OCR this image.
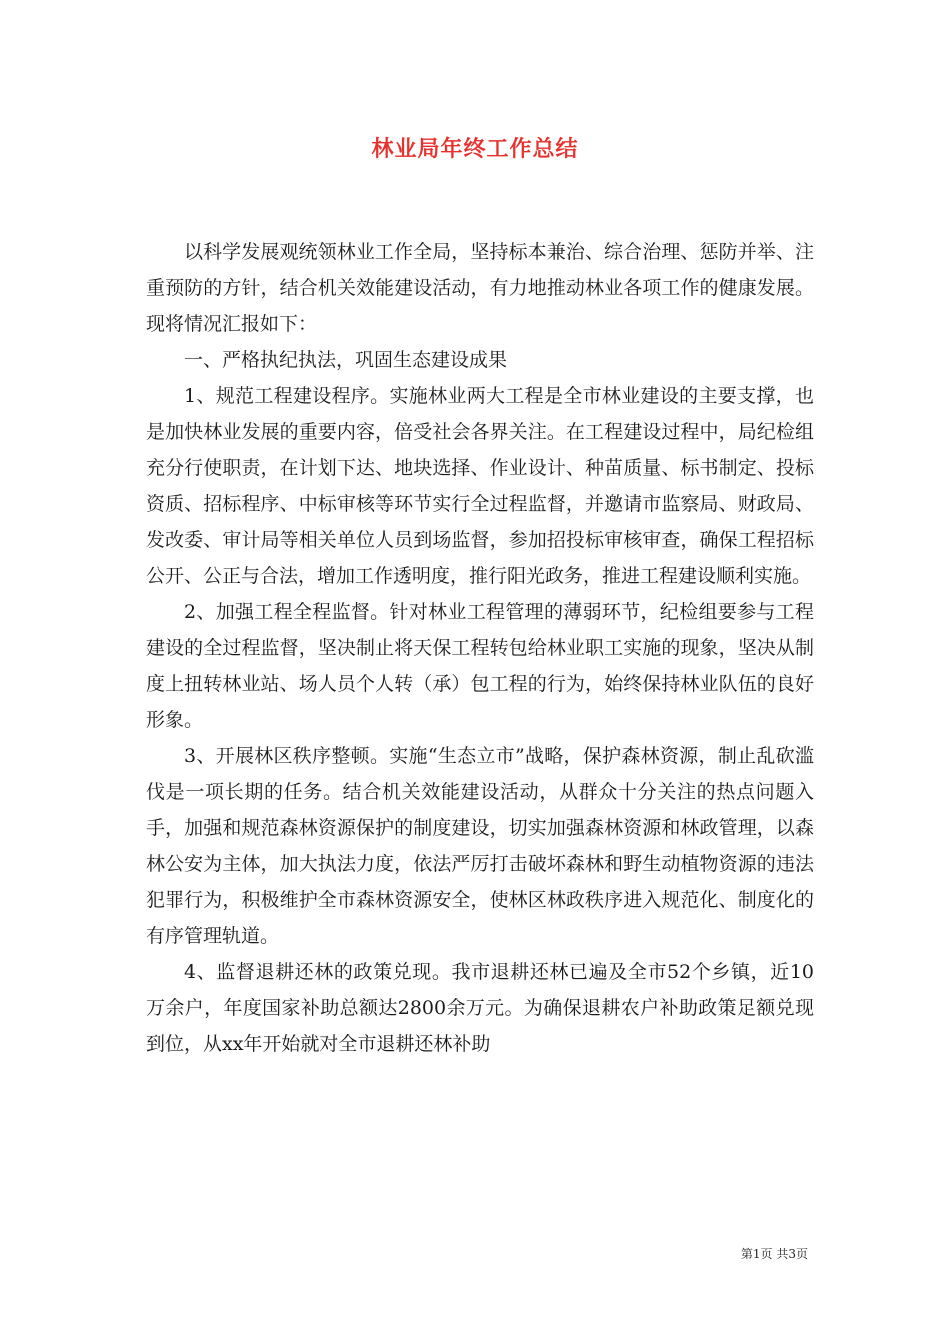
林业局年终工作总结

以科学发展观统领林业工作全局，坚持标本兼治、综合治理、惩防并举、注重预防的方针，结合机关效能建设活动，有力地推动林业各项工作的健康发展。现将情况汇报如下：

一、严格执纪执法，巩固生态建设成果

1、规范工程建设程序。实施林业两大工程是全市林业建设的主要支撑，也是加快林业发展的重要内容，倍受社会各界关注。在工程建设过程中，局纪检组充分行使职责，在计划下达、地块选择、作业设计、种苗质量、标书制定、投标资质、招标程序、中标审核等环节实行全过程监督，并邀请市监察局、财政局、发改委、审计局等相关单位人员到场监督，参加招投标审核审查，确保工程招标公开、公正与合法，增加工作透明度，推行阳光政务，推进工程建设顺利实施。

2、加强工程全程监督。针对林业工程管理的薄弱环节，纪检组要参与工程建设的全过程监督，坚决制止将天保工程转包给林业职工实施的现象，坚决从制度上扭转林业站、场人员个人转（承）包工程的行为，始终保持林业队伍的良好形象。

3、开展林区秩序整顿。实施“生态立市”战略，保护森林资源，制止乱砍滥伐是一项长期的任务。结合机关效能建设活动，从群众十分关注的热点问题入手，加强和规范森林资源保护的制度建设，切实加强森林资源和林政管理，以森林公安为主体，加大执法力度，依法严厉打击破坏森林和野生动植物资源的违法犯罪行为，积极维护全市森林资源安全，使林区林政秩序进入规范化、制度化的有序管理轨道。

4、监督退耕还林的政策兑现。我市退耕还林已遍及全市52个乡镇，近10万余户，年度国家补助总额达2800余万元。为确保退耕农户补助政策足额兑现到位，从xx年开始就对全市退耕还林补助

第1页 共3页
